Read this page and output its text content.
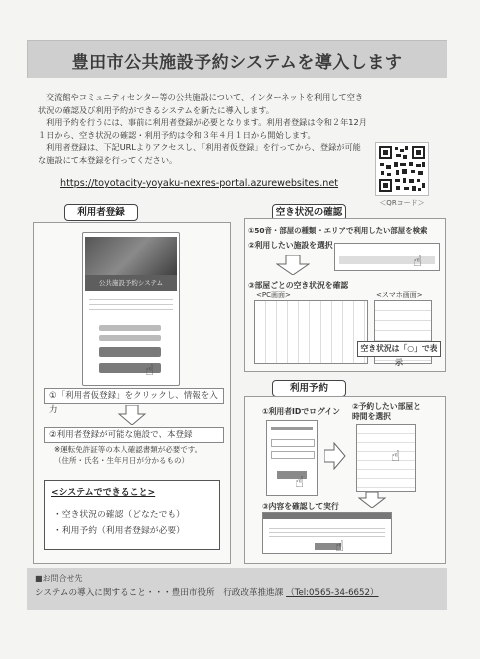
豊田市公共施設予約システムを導入します

交流館やコミュニティセンター等の公共施設について、インターネットを利用して空き状況の確認及び利用予約ができるシステムを新たに導入します。

利用予約を行うには、事前に利用者登録が必要となります。利用者登録は令和２年12月１日から、空き状況の確認・利用予約は令和３年４月１日から開始します。

利用者登録は、下記URLよりアクセスし、「利用者仮登録」を行ってから、登録が可能な施設にて本登録を行ってください。

https://toyotacity-yoyaku-nexres-portal.azurewebsites.net
＜QRコード＞
利用者登録
公共施設予約システム
☝
①「利用者仮登録」をクリックし、情報を入力
②利用者登録が可能な施設で、本登録
※運転免許証等の本人確認書類が必要です。
（住所・氏名・生年月日が分かるもの）
<システムでできること>
・空き状況の確認（どなたでも）
・利用予約（利用者登録が必要）
空き状況の確認
①50音・部屋の種類・エリアで利用したい部屋を検索
②利用したい施設を選択
☝
③部屋ごとの空き状況を確認
<PC画面>	<スマホ画面>
空き状況は「○」で表示
利用予約
①利用者IDでログイン
②予約したい部屋と
時間を選択
☝
☝
③内容を確認して実行
☝
■お問合せ先
システムの導入に関すること・・・豊田市役所　行政改革推進課 （Tel:0565-34-6652）
